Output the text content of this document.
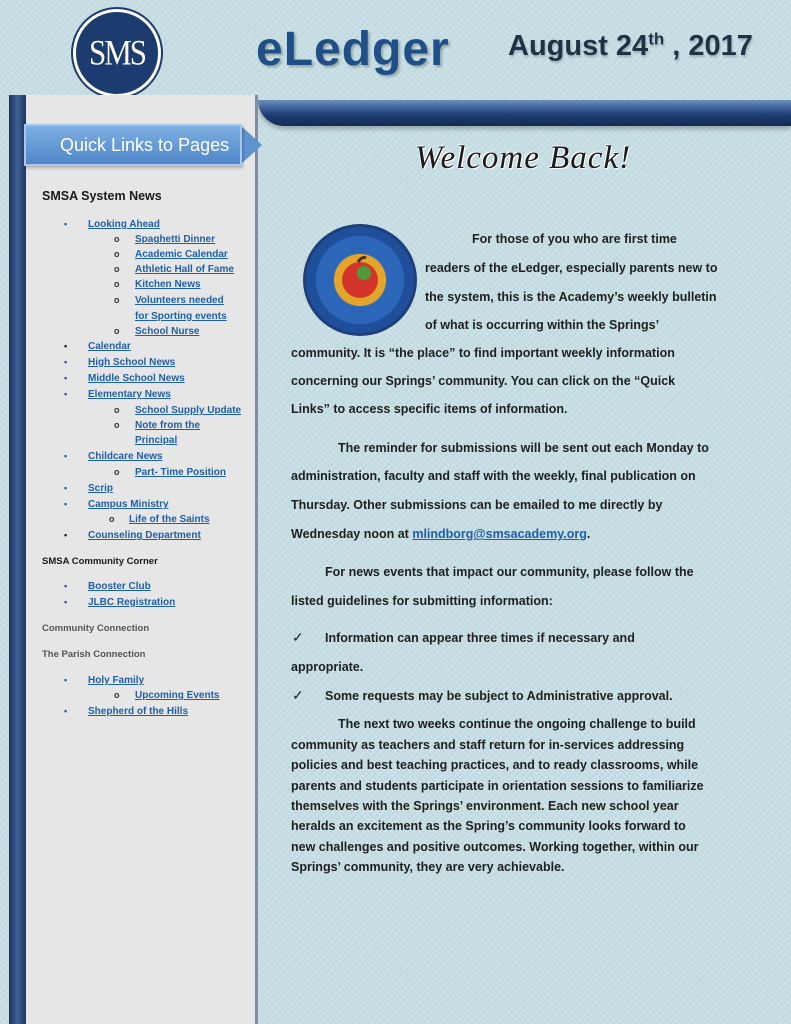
SMS eLedger August 24th , 2017
Quick Links to Pages
SMSA System News
• Looking Ahead
o Spaghetti Dinner
o Academic Calendar
o Athletic Hall of Fame
o Kitchen News
o Volunteers needed
for Sporting events
o School Nurse
• Calendar
• High School News
• Middle School News
• Elementary News
o School Supply Update
o Note from the
Principal
• Childcare News
o Part- Time Position
• Scrip
• Campus Ministry
o Life of the Saints
• Counseling Department
SMSA Community Corner
• Booster Club
• JLBC Registration
Community Connection
The Parish Connection
• Holy Family
o Upcoming Events
• Shepherd of the Hills
Welcome Back!
For those of you who are first time
readers of the eLedger, especially parents new to
the system, this is the Academy’s weekly bulletin
of what is occurring within the Springs’
community. It is “the place” to find important weekly information
concerning our Springs’ community. You can click on the “Quick
Links” to access specific items of information.
The reminder for submissions will be sent out each Monday to
administration, faculty and staff with the weekly, final publication on
Thursday. Other submissions can be emailed to me directly by
Wednesday noon at mlindborg@smsacademy.org.
For news events that impact our community, please follow the
listed guidelines for submitting information:
✓ Information can appear three times if necessary and
appropriate.
✓ Some requests may be subject to Administrative approval.
The next two weeks continue the ongoing challenge to build
community as teachers and staff return for in-services addressing
policies and best teaching practices, and to ready classrooms, while
parents and students participate in orientation sessions to familiarize
themselves with the Springs’ environment. Each new school year
heralds an excitement as the Spring’s community looks forward to
new challenges and positive outcomes. Working together, within our
Springs’ community, they are very achievable.
